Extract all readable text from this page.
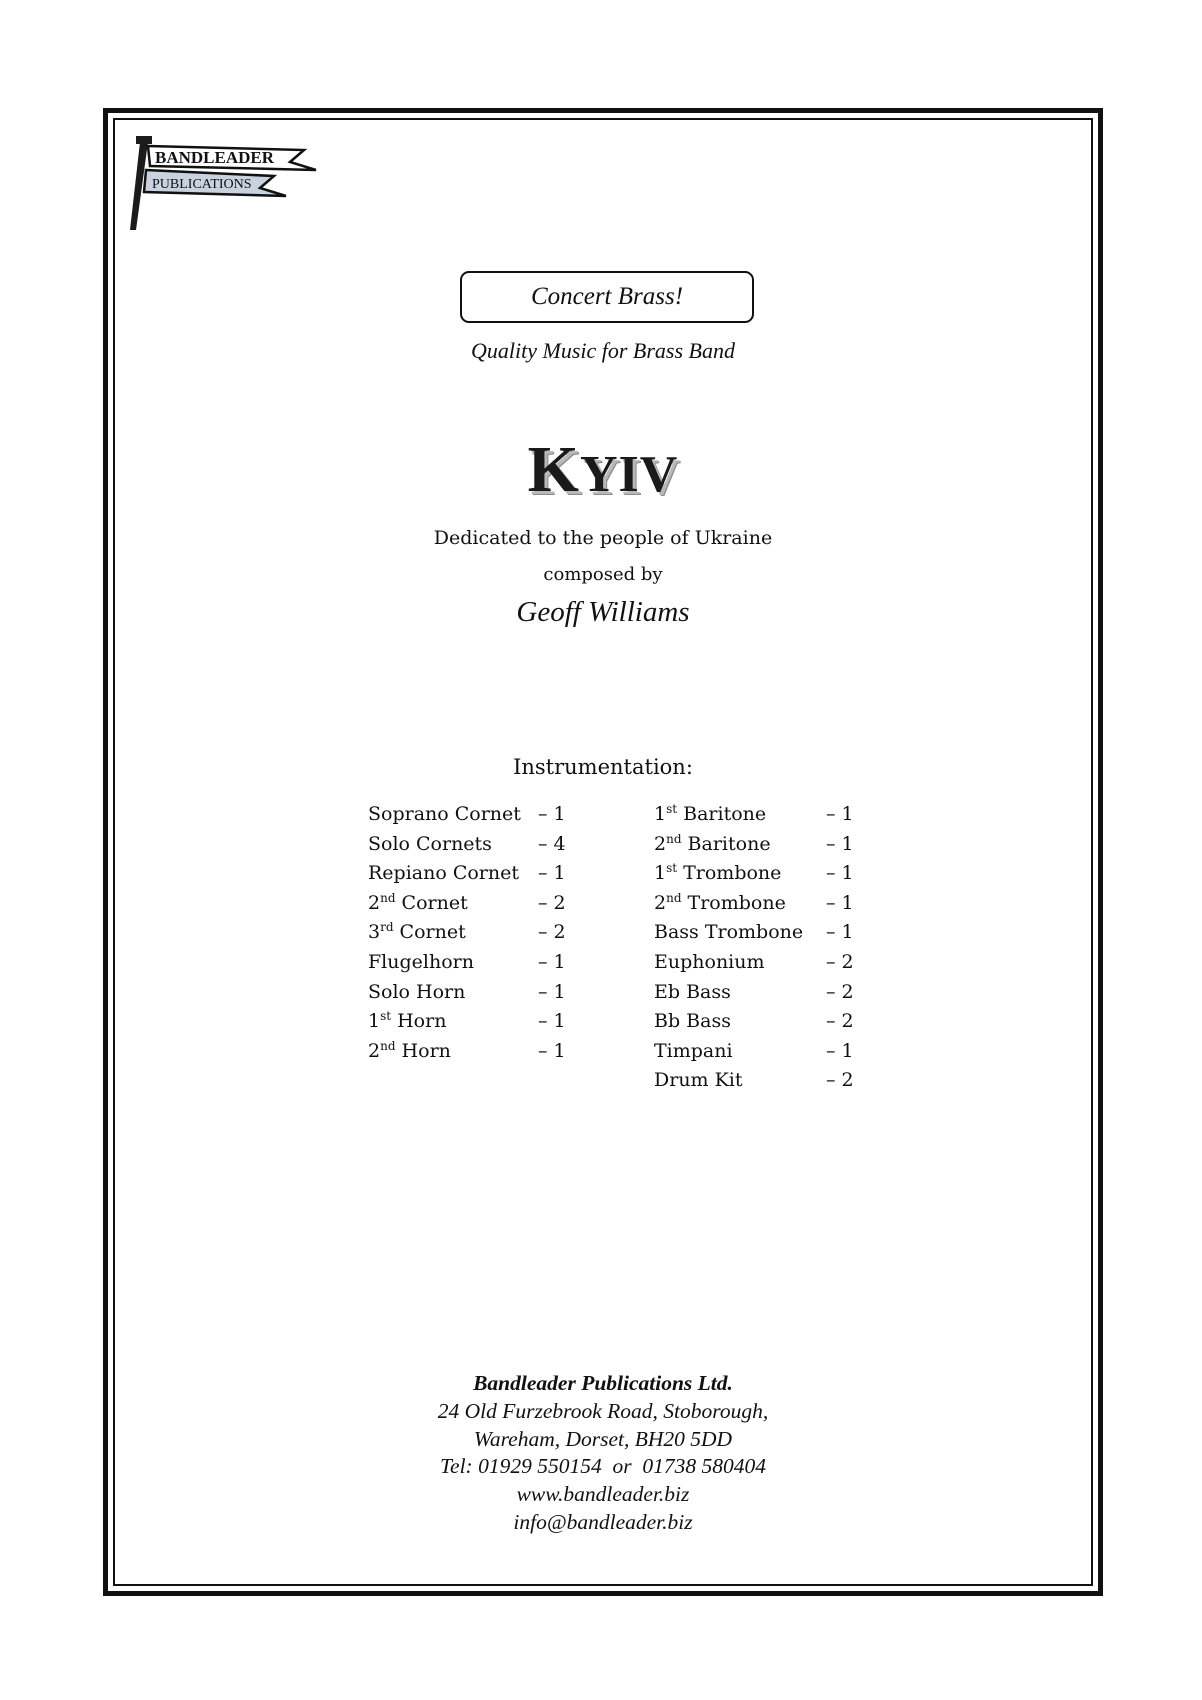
BANDLEADER
PUBLICATIONS
Concert Brass!
Quality Music for Brass Band
KYIV
Dedicated to the people of Ukraine
composed by
Geoff Williams
Instrumentation:
Soprano Cornet – 1
Solo Cornets – 4
Repiano Cornet – 1
2nd Cornet	– 2
3rd Cornet	– 2
Flugelhorn	– 1
Solo Horn	– 1
1st Horn	– 1
2nd Horn	– 1
1st Baritone	– 1
2nd Baritone	– 1
1st Trombone – 1
2nd Trombone – 1
Bass Trombone – 1
Euphonium	– 2
Eb Bass	– 2
Bb Bass	– 2
Timpani	– 1
Drum Kit	– 2
Bandleader Publications Ltd.
24 Old Furzebrook Road, Stoborough,
Wareham, Dorset, BH20 5DD
Tel: 01929 550154  or  01738 580404
www.bandleader.biz
info@bandleader.biz
